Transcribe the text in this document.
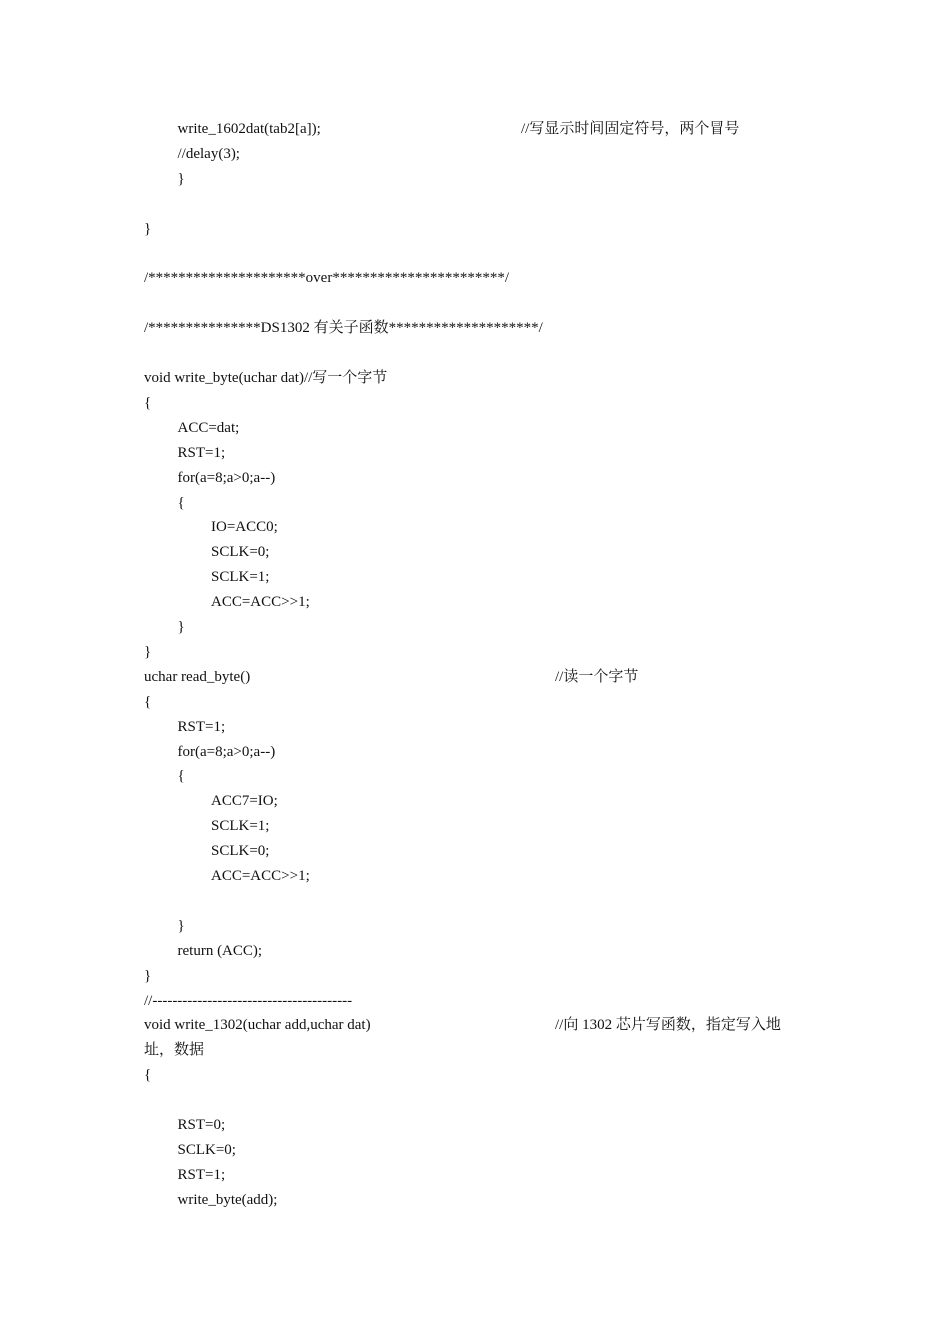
write_1602dat(tab2[a]);	//写显示时间固定符号，两个冒号
//delay(3);
}
}
/*********************over***********************/
/***************DS1302 有关子函数********************/
void write_byte(uchar dat)//写一个字节
{
ACC=dat;
RST=1;
for(a=8;a>0;a--)
{
IO=ACC0;
SCLK=0;
SCLK=1;
ACC=ACC>>1;
}
}
uchar read_byte()	//读一个字节
{
RST=1;
for(a=8;a>0;a--)
{
ACC7=IO;
SCLK=1;
SCLK=0;
ACC=ACC>>1;
}
return (ACC);
}
//----------------------------------------
void write_1302(uchar add,uchar dat)	//向 1302 芯片写函数，指定写入地
址，数据
{
RST=0;
SCLK=0;
RST=1;
write_byte(add);
